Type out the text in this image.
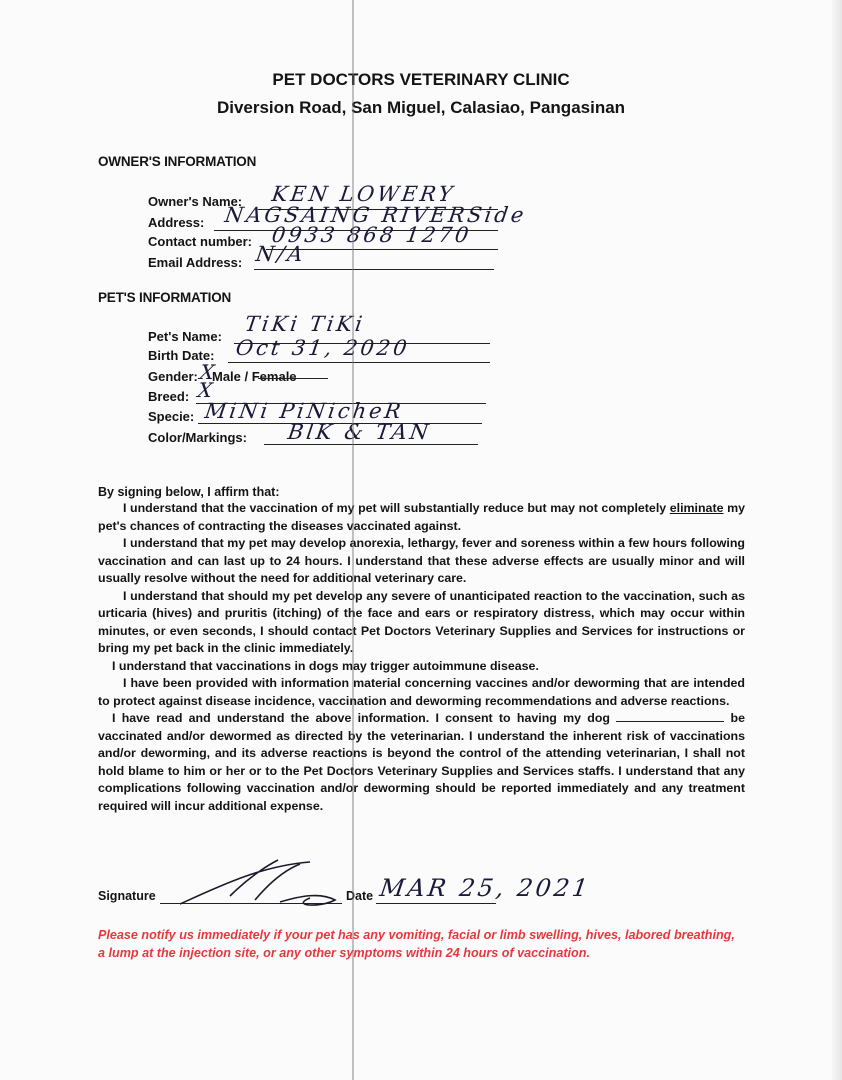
PET DOCTORS VETERINARY CLINIC
Diversion Road, San Miguel, Calasiao, Pangasinan
OWNER'S INFORMATION
Owner's Name: KEN LOWERY
Address: NAGSAING RIVERSide
Contact number: 0933 868 1270
Email Address: N/A
PET'S INFORMATION
Pet's Name:
TiKi TiKi
Birth Date: Oct 31, 2020
Gender: Male / Female
X
Breed: X
Specie: MiNi PiNicheR
Color/Markings: BlK & TAN
By signing below, I affirm that:

I understand that the vaccination of my pet will substantially reduce but may not completely eliminate my pet's chances of contracting the diseases vaccinated against.

I understand that my pet may develop anorexia, lethargy, fever and soreness within a few hours following vaccination and can last up to 24 hours. I understand that these adverse effects are usually minor and will usually resolve without the need for additional veterinary care.

I understand that should my pet develop any severe of unanticipated reaction to the vaccination, such as urticaria (hives) and pruritis (itching) of the face and ears or respiratory distress, which may occur within minutes, or even seconds, I should contact Pet Doctors Veterinary Supplies and Services for instructions or bring my pet back in the clinic immediately.

I understand that vaccinations in dogs may trigger autoimmune disease.

I have been provided with information material concerning vaccines and/or deworming that are intended to protect against disease incidence, vaccination and deworming recommendations and adverse reactions.

I have read and understand the above information. I consent to having my dog	be vaccinated and/or dewormed as directed by the veterinarian. I understand the inherent risk of vaccinations and/or deworming, and its adverse reactions is beyond the control of the attending veterinarian, I shall not hold blame to him or her or to the Pet Doctors Veterinary Supplies and Services staffs. I understand that any complications following vaccination and/or deworming should be reported immediately and any treatment required will incur additional expense.

Signature	Date MAR 25, 2021
Please notify us immediately if your pet has any vomiting, facial or limb swelling, hives, labored breathing, a lump at the injection site, or any other symptoms within 24 hours of vaccination.
